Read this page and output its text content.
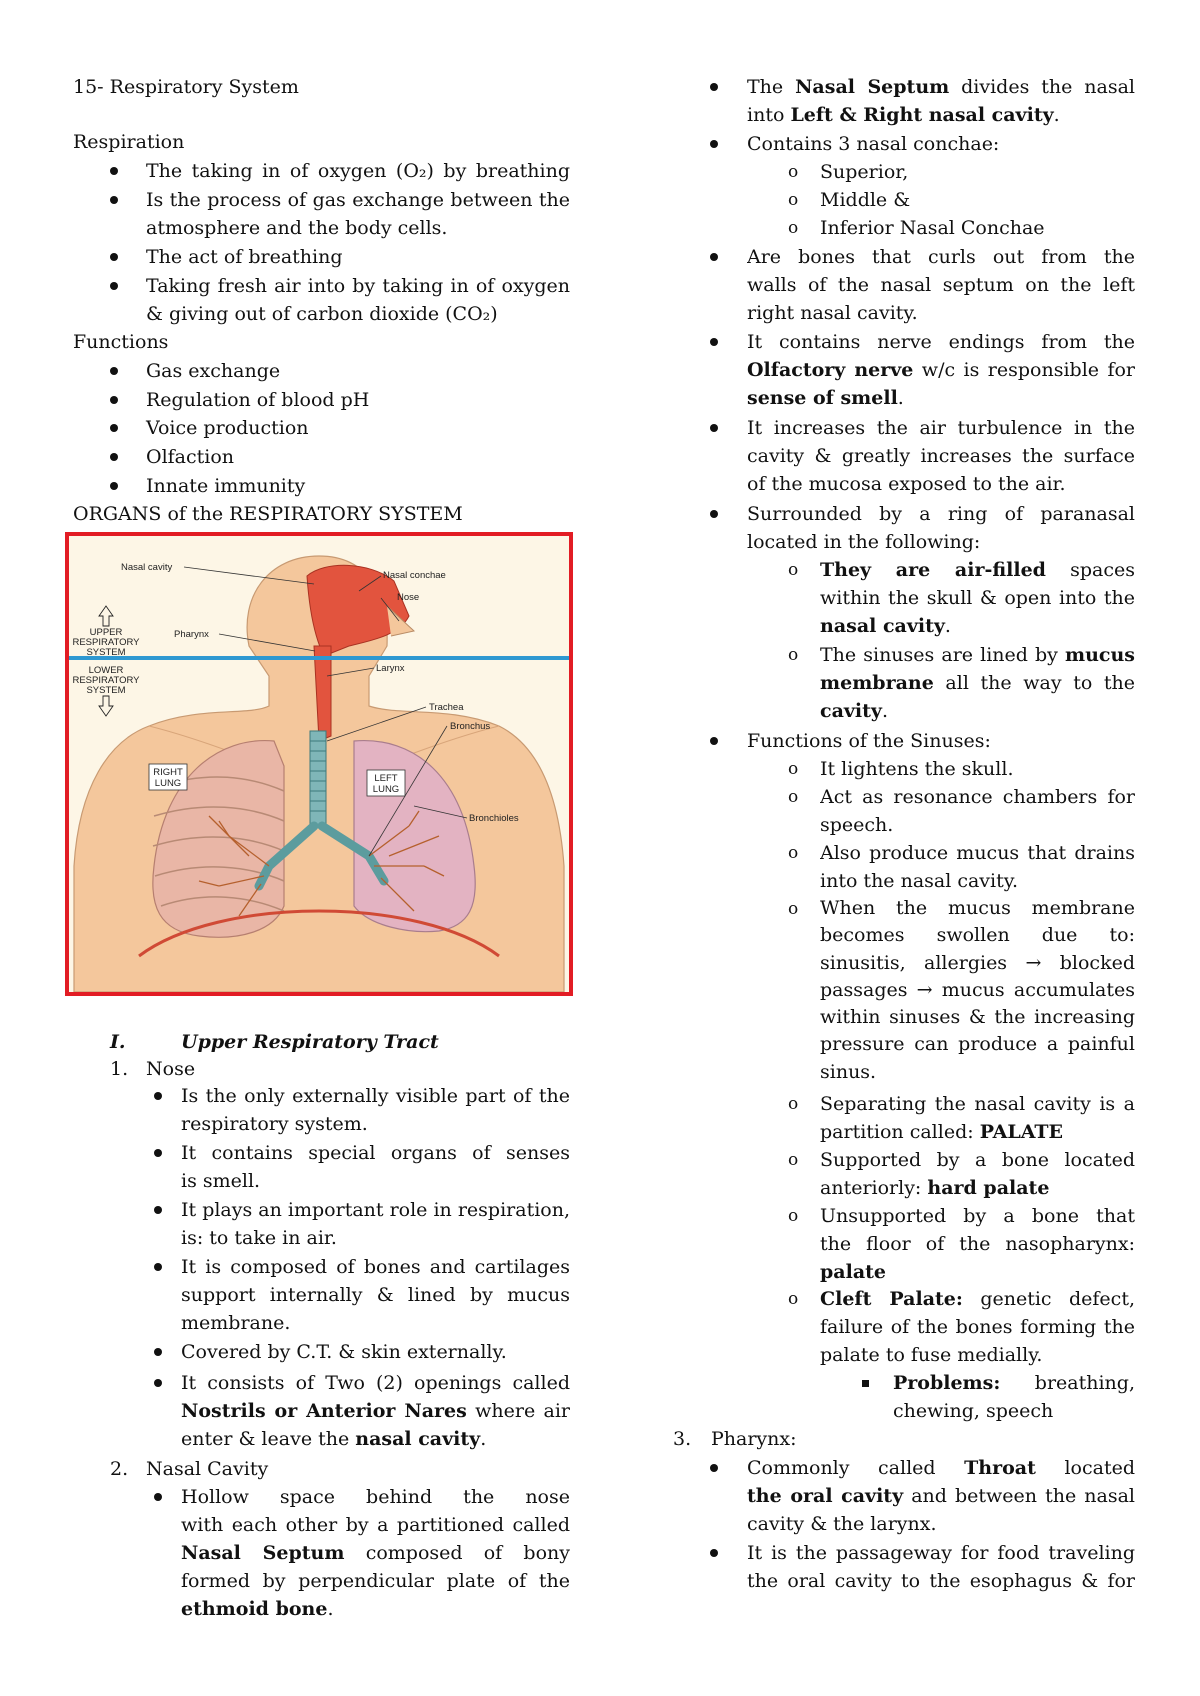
15- Respiratory System
Respiration
The taking in of oxygen (O₂) by breathing
Is the process of gas exchange between the
atmosphere and the body cells.
The act of breathing
Taking fresh air into by taking in of oxygen
& giving out of carbon dioxide (CO₂)
Functions
Gas exchange
Regulation of blood pH
Voice production
Olfaction
Innate immunity
ORGANS of the RESPIRATORY SYSTEM
Nasal cavity
Nasal conchae
Nose
Pharynx
UPPER
RESPIRATORY
SYSTEM
LOWER
RESPIRATORY
SYSTEM
Larynx
Trachea
Bronchus
RIGHT
LUNG	LEFT
LUNG
Bronchioles
I.	Upper Respiratory Tract
1. Nose
Is the only externally visible part of the
respiratory system.
It contains special organs of senses
is smell.
It plays an important role in respiration,
is: to take in air.
It is composed of bones and cartilages
support internally & lined by mucus
membrane.
Covered by C.T. & skin externally.
It consists of Two (2) openings called
Nostrils or Anterior Nares where air
enter & leave the nasal cavity.
2. Nasal Cavity
Hollow space behind the nose
with each other by a partitioned called
Nasal Septum composed of bony
formed by perpendicular plate of the
ethmoid bone.
The Nasal Septum divides the nasal
into Left & Right nasal cavity.
Contains 3 nasal conchae:
o Superior,
o Middle &
o Inferior Nasal Conchae
Are bones that curls out from the
walls of the nasal septum on the left
right nasal cavity.
It contains nerve endings from the
Olfactory nerve w/c is responsible for
sense of smell.
It increases the air turbulence in the
cavity & greatly increases the surface
of the mucosa exposed to the air.
Surrounded by a ring of paranasal
located in the following:
o They are air-filled spaces
within the skull & open into the
nasal cavity.
o The sinuses are lined by mucus
membrane all the way to the
cavity.
Functions of the Sinuses:
o It lightens the skull.
o Act as resonance chambers for
speech.
o Also produce mucus that drains
into the nasal cavity.
o When the mucus membrane
becomes swollen due to:
sinusitis, allergies → blocked
passages → mucus accumulates
within sinuses & the increasing
pressure can produce a painful
sinus.
o Separating the nasal cavity is a
partition called: PALATE
o Supported by a bone located
anteriorly: hard palate
o Unsupported by a bone that
the floor of the nasopharynx:
palate
o Cleft Palate: genetic defect,
failure of the bones forming the
palate to fuse medially.
Problems: breathing,
chewing, speech
3. Pharynx:
Commonly called Throat located
the oral cavity and between the nasal
cavity & the larynx.
It is the passageway for food traveling
the oral cavity to the esophagus & for
